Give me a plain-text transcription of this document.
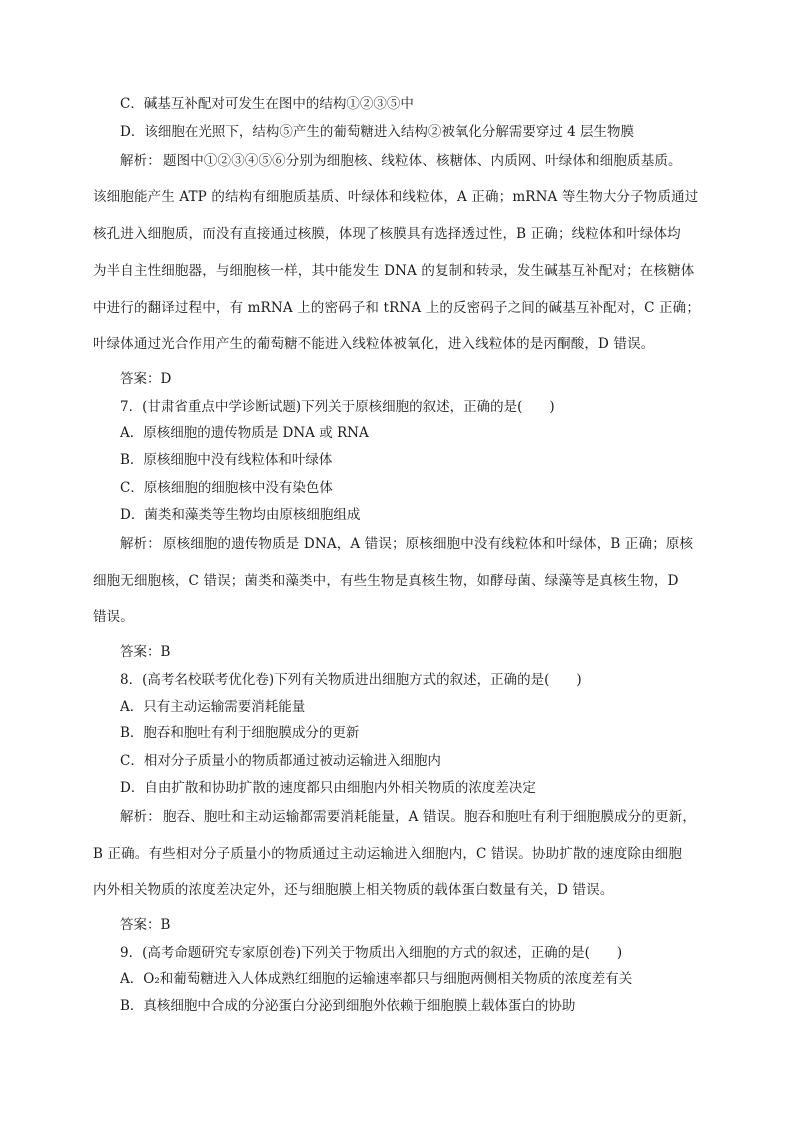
C．碱基互补配对可发生在图中的结构①②③⑤中
D．该细胞在光照下，结构⑤产生的葡萄糖进入结构②被氧化分解需要穿过 4 层生物膜
解析： 题图中①②③④⑤⑥分别为细胞核、线粒体、核糖体、内质网、叶绿体和细胞质基质。
该细胞能产生 ATP 的结构有细胞质基质、叶绿体和线粒体，A 正确；mRNA 等生物大分子物质通过
核孔进入细胞质，而没有直接通过核膜，体现了核膜具有选择透过性，B 正确；线粒体和叶绿体均
为半自主性细胞器，与细胞核一样，其中能发生 DNA 的复制和转录，发生碱基互补配对；在核糖体
中进行的翻译过程中，有 mRNA 上的密码子和 tRNA 上的反密码子之间的碱基互补配对，C 正确；
叶绿体通过光合作用产生的葡萄糖不能进入线粒体被氧化，进入线粒体的是丙酮酸，D 错误。
答案：D
7．(甘肃省重点中学诊断试题)下列关于原核细胞的叙述，正确的是(　　)
A．原核细胞的遗传物质是 DNA 或 RNA
B．原核细胞中没有线粒体和叶绿体
C．原核细胞的细胞核中没有染色体
D．菌类和藻类等生物均由原核细胞组成
解析： 原核细胞的遗传物质是 DNA，A 错误；原核细胞中没有线粒体和叶绿体，B 正确；原核
细胞无细胞核，C 错误；菌类和藻类中，有些生物是真核生物，如酵母菌、绿藻等是真核生物，D
错误。
答案：B
8．(高考名校联考优化卷)下列有关物质进出细胞方式的叙述，正确的是(　　)
A．只有主动运输需要消耗能量
B．胞吞和胞吐有利于细胞膜成分的更新
C．相对分子质量小的物质都通过被动运输进入细胞内
D．自由扩散和协助扩散的速度都只由细胞内外相关物质的浓度差决定
解析： 胞吞、胞吐和主动运输都需要消耗能量，A 错误。胞吞和胞吐有利于细胞膜成分的更新，
B 正确。有些相对分子质量小的物质通过主动运输进入细胞内，C 错误。协助扩散的速度除由细胞
内外相关物质的浓度差决定外，还与细胞膜上相关物质的载体蛋白数量有关，D 错误。
答案：B
9．(高考命题研究专家原创卷)下列关于物质出入细胞的方式的叙述，正确的是(　　)
A．O₂和葡萄糖进入人体成熟红细胞的运输速率都只与细胞两侧相关物质的浓度差有关
B．真核细胞中合成的分泌蛋白分泌到细胞外依赖于细胞膜上载体蛋白的协助
